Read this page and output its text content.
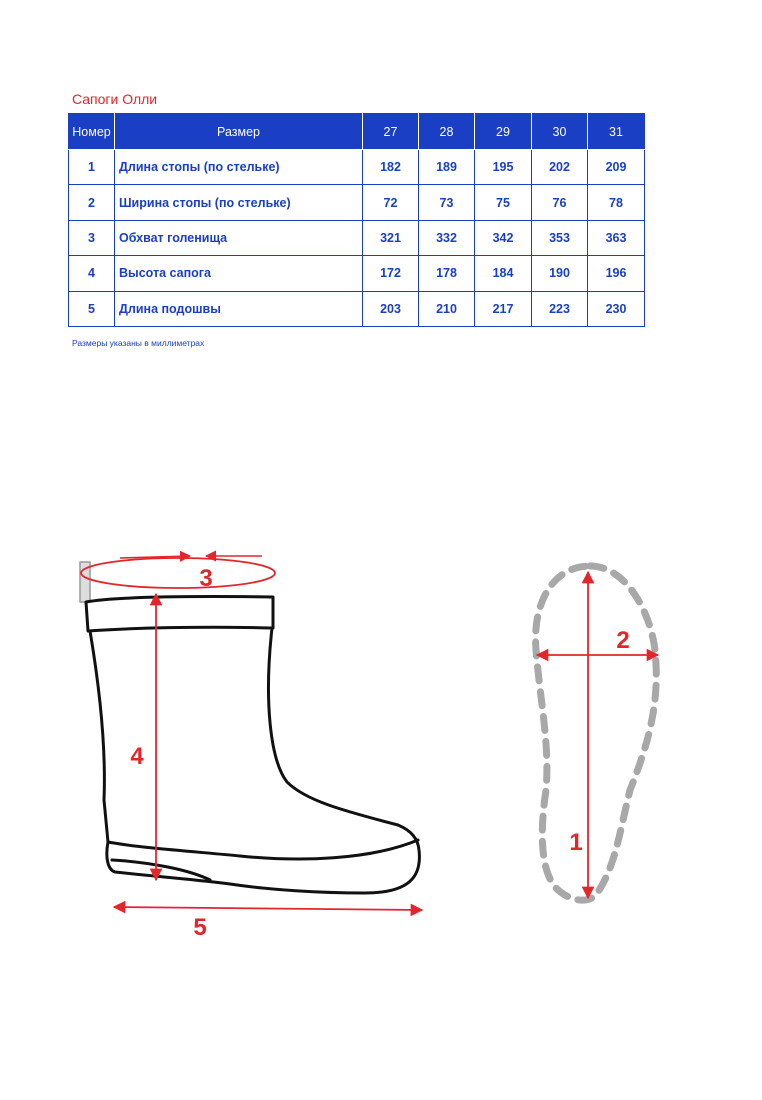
Сапоги Олли
Номер	Размер	27	28	29	30	31
1	Длина стопы (по стельке)	182	189	195	202	209
2	Ширина стопы (по стельке)	72	73	75	76	78
3	Обхват голенища	321	332	342	353	363
4	Высота сапога	172	178	184	190	196
5	Длина подошвы	203	210	217	223	230
Размеры указаны в миллиметрах
3
4
5
2
1
